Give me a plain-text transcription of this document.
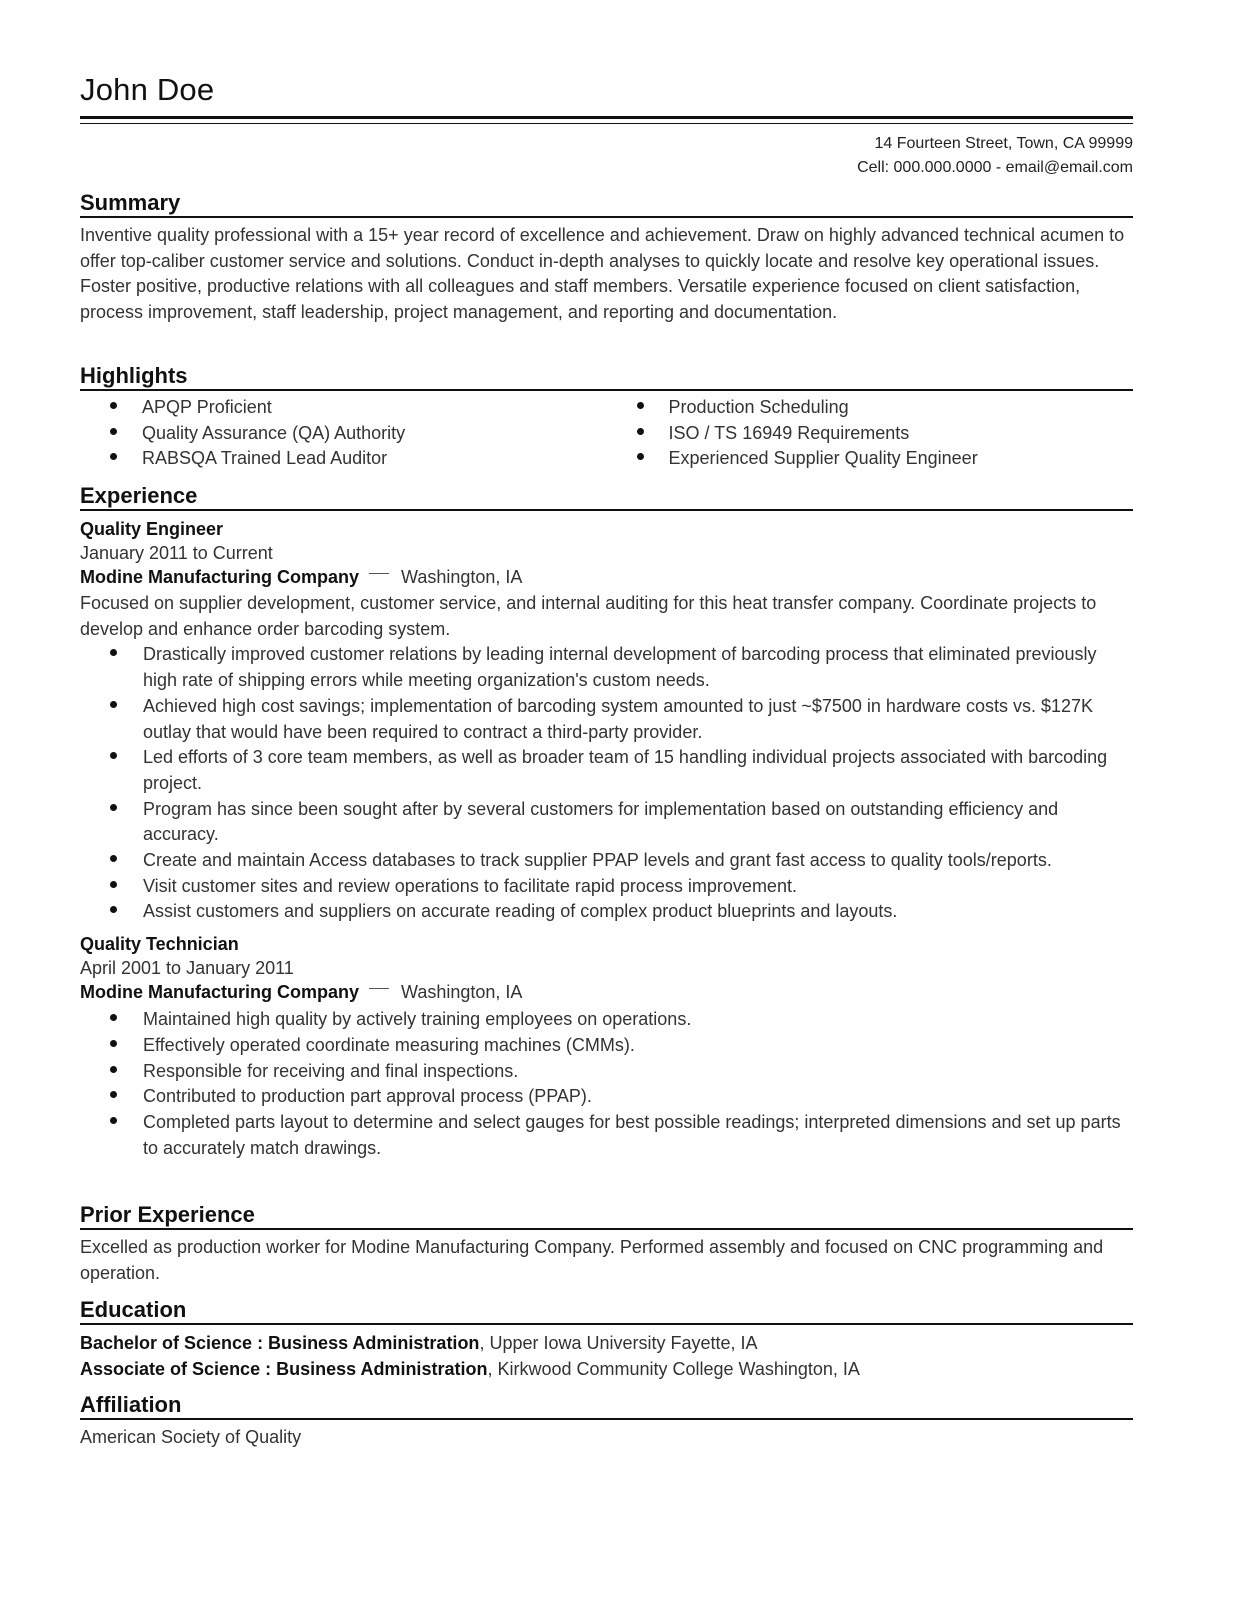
John Doe
14 Fourteen Street, Town, CA 99999
Cell: 000.000.0000 - email@email.com
Summary
Inventive quality professional with a 15+ year record of excellence and achievement. Draw on highly advanced technical acumen to offer top-caliber customer service and solutions. Conduct in-depth analyses to quickly locate and resolve key operational issues. Foster positive, productive relations with all colleagues and staff members. Versatile experience focused on client satisfaction, process improvement, staff leadership, project management, and reporting and documentation.
Highlights
APQP Proficient
Quality Assurance (QA) Authority
RABSQA Trained Lead Auditor
Production Scheduling
ISO / TS 16949 Requirements
Experienced Supplier Quality Engineer
Experience
Quality Engineer
January 2011 to Current
Modine Manufacturing Company Washington, IA
Focused on supplier development, customer service, and internal auditing for this heat transfer company. Coordinate projects to develop and enhance order barcoding system.
Drastically improved customer relations by leading internal development of barcoding process that eliminated previously high rate of shipping errors while meeting organization's custom needs.
Achieved high cost savings; implementation of barcoding system amounted to just ~$7500 in hardware costs vs. $127K outlay that would have been required to contract a third-party provider.
Led efforts of 3 core team members, as well as broader team of 15 handling individual projects associated with barcoding project.
Program has since been sought after by several customers for implementation based on outstanding efficiency and accuracy.
Create and maintain Access databases to track supplier PPAP levels and grant fast access to quality tools/reports.
Visit customer sites and review operations to facilitate rapid process improvement.
Assist customers and suppliers on accurate reading of complex product blueprints and layouts.
Quality Technician
April 2001 to January 2011
Modine Manufacturing Company Washington, IA
Maintained high quality by actively training employees on operations.
Effectively operated coordinate measuring machines (CMMs).
Responsible for receiving and final inspections.
Contributed to production part approval process (PPAP).
Completed parts layout to determine and select gauges for best possible readings; interpreted dimensions and set up parts to accurately match drawings.
Prior Experience
Excelled as production worker for Modine Manufacturing Company. Performed assembly and focused on CNC programming and operation.
Education
Bachelor of Science : Business Administration, Upper Iowa University Fayette, IA
Associate of Science : Business Administration, Kirkwood Community College Washington, IA
Affiliation
American Society of Quality
